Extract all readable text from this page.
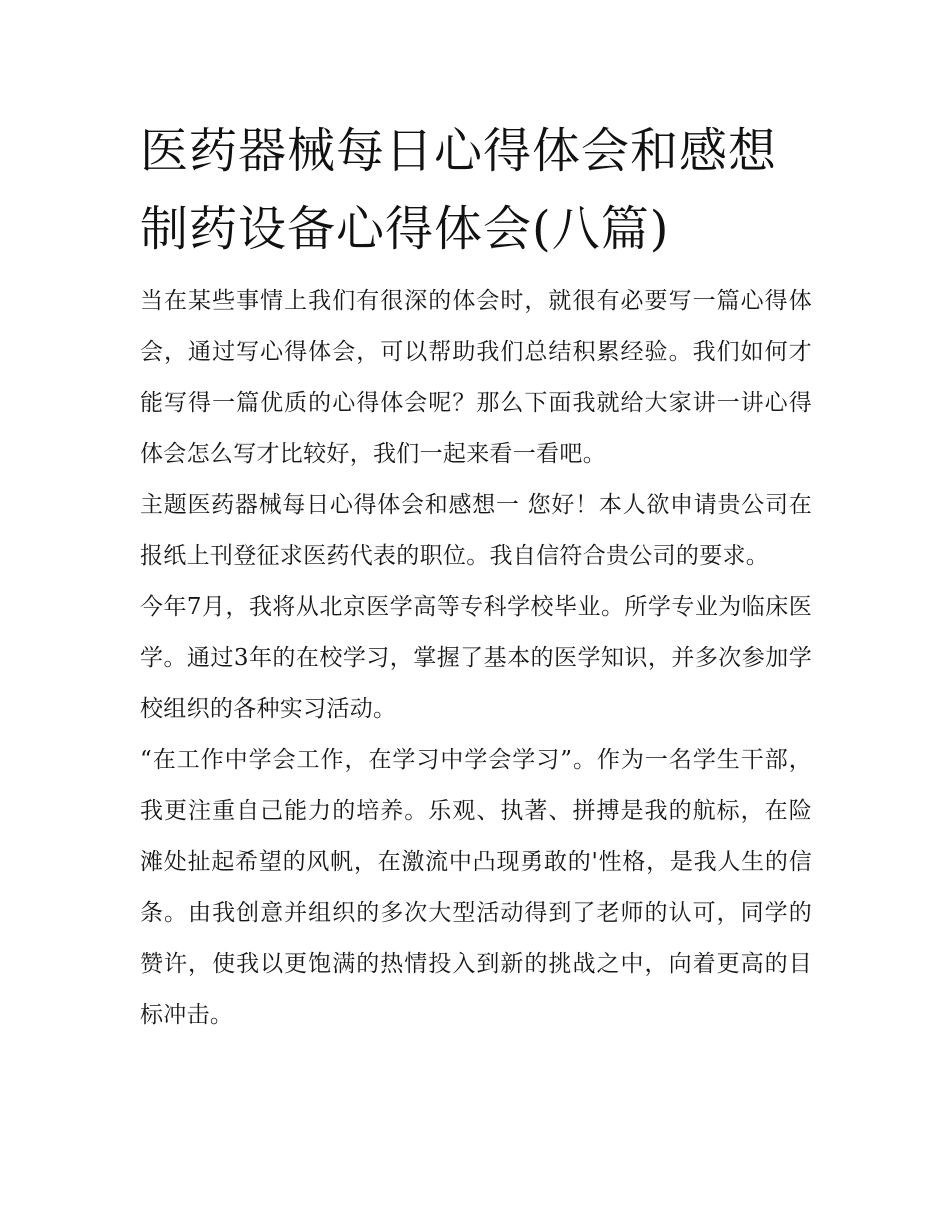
医药器械每日心得体会和感想
制药设备心得体会(八篇)

当在某些事情上我们有很深的体会时，就很有必要写一篇心得体会，通过写心得体会，可以帮助我们总结积累经验。我们如何才能写得一篇优质的心得体会呢？那么下面我就给大家讲一讲心得体会怎么写才比较好，我们一起来看一看吧。

主题医药器械每日心得体会和感想一 您好！本人欲申请贵公司在报纸上刊登征求医药代表的职位。我自信符合贵公司的要求。

今年7月，我将从北京医学高等专科学校毕业。所学专业为临床医学。通过3年的在校学习，掌握了基本的医学知识，并多次参加学校组织的各种实习活动。

“在工作中学会工作，在学习中学会学习”。作为一名学生干部，我更注重自己能力的培养。乐观、执著、拼搏是我的航标，在险滩处扯起希望的风帆，在激流中凸现勇敢的'性格，是我人生的信条。由我创意并组织的多次大型活动得到了老师的认可，同学的赞许，使我以更饱满的热情投入到新的挑战之中，向着更高的目标冲击。
